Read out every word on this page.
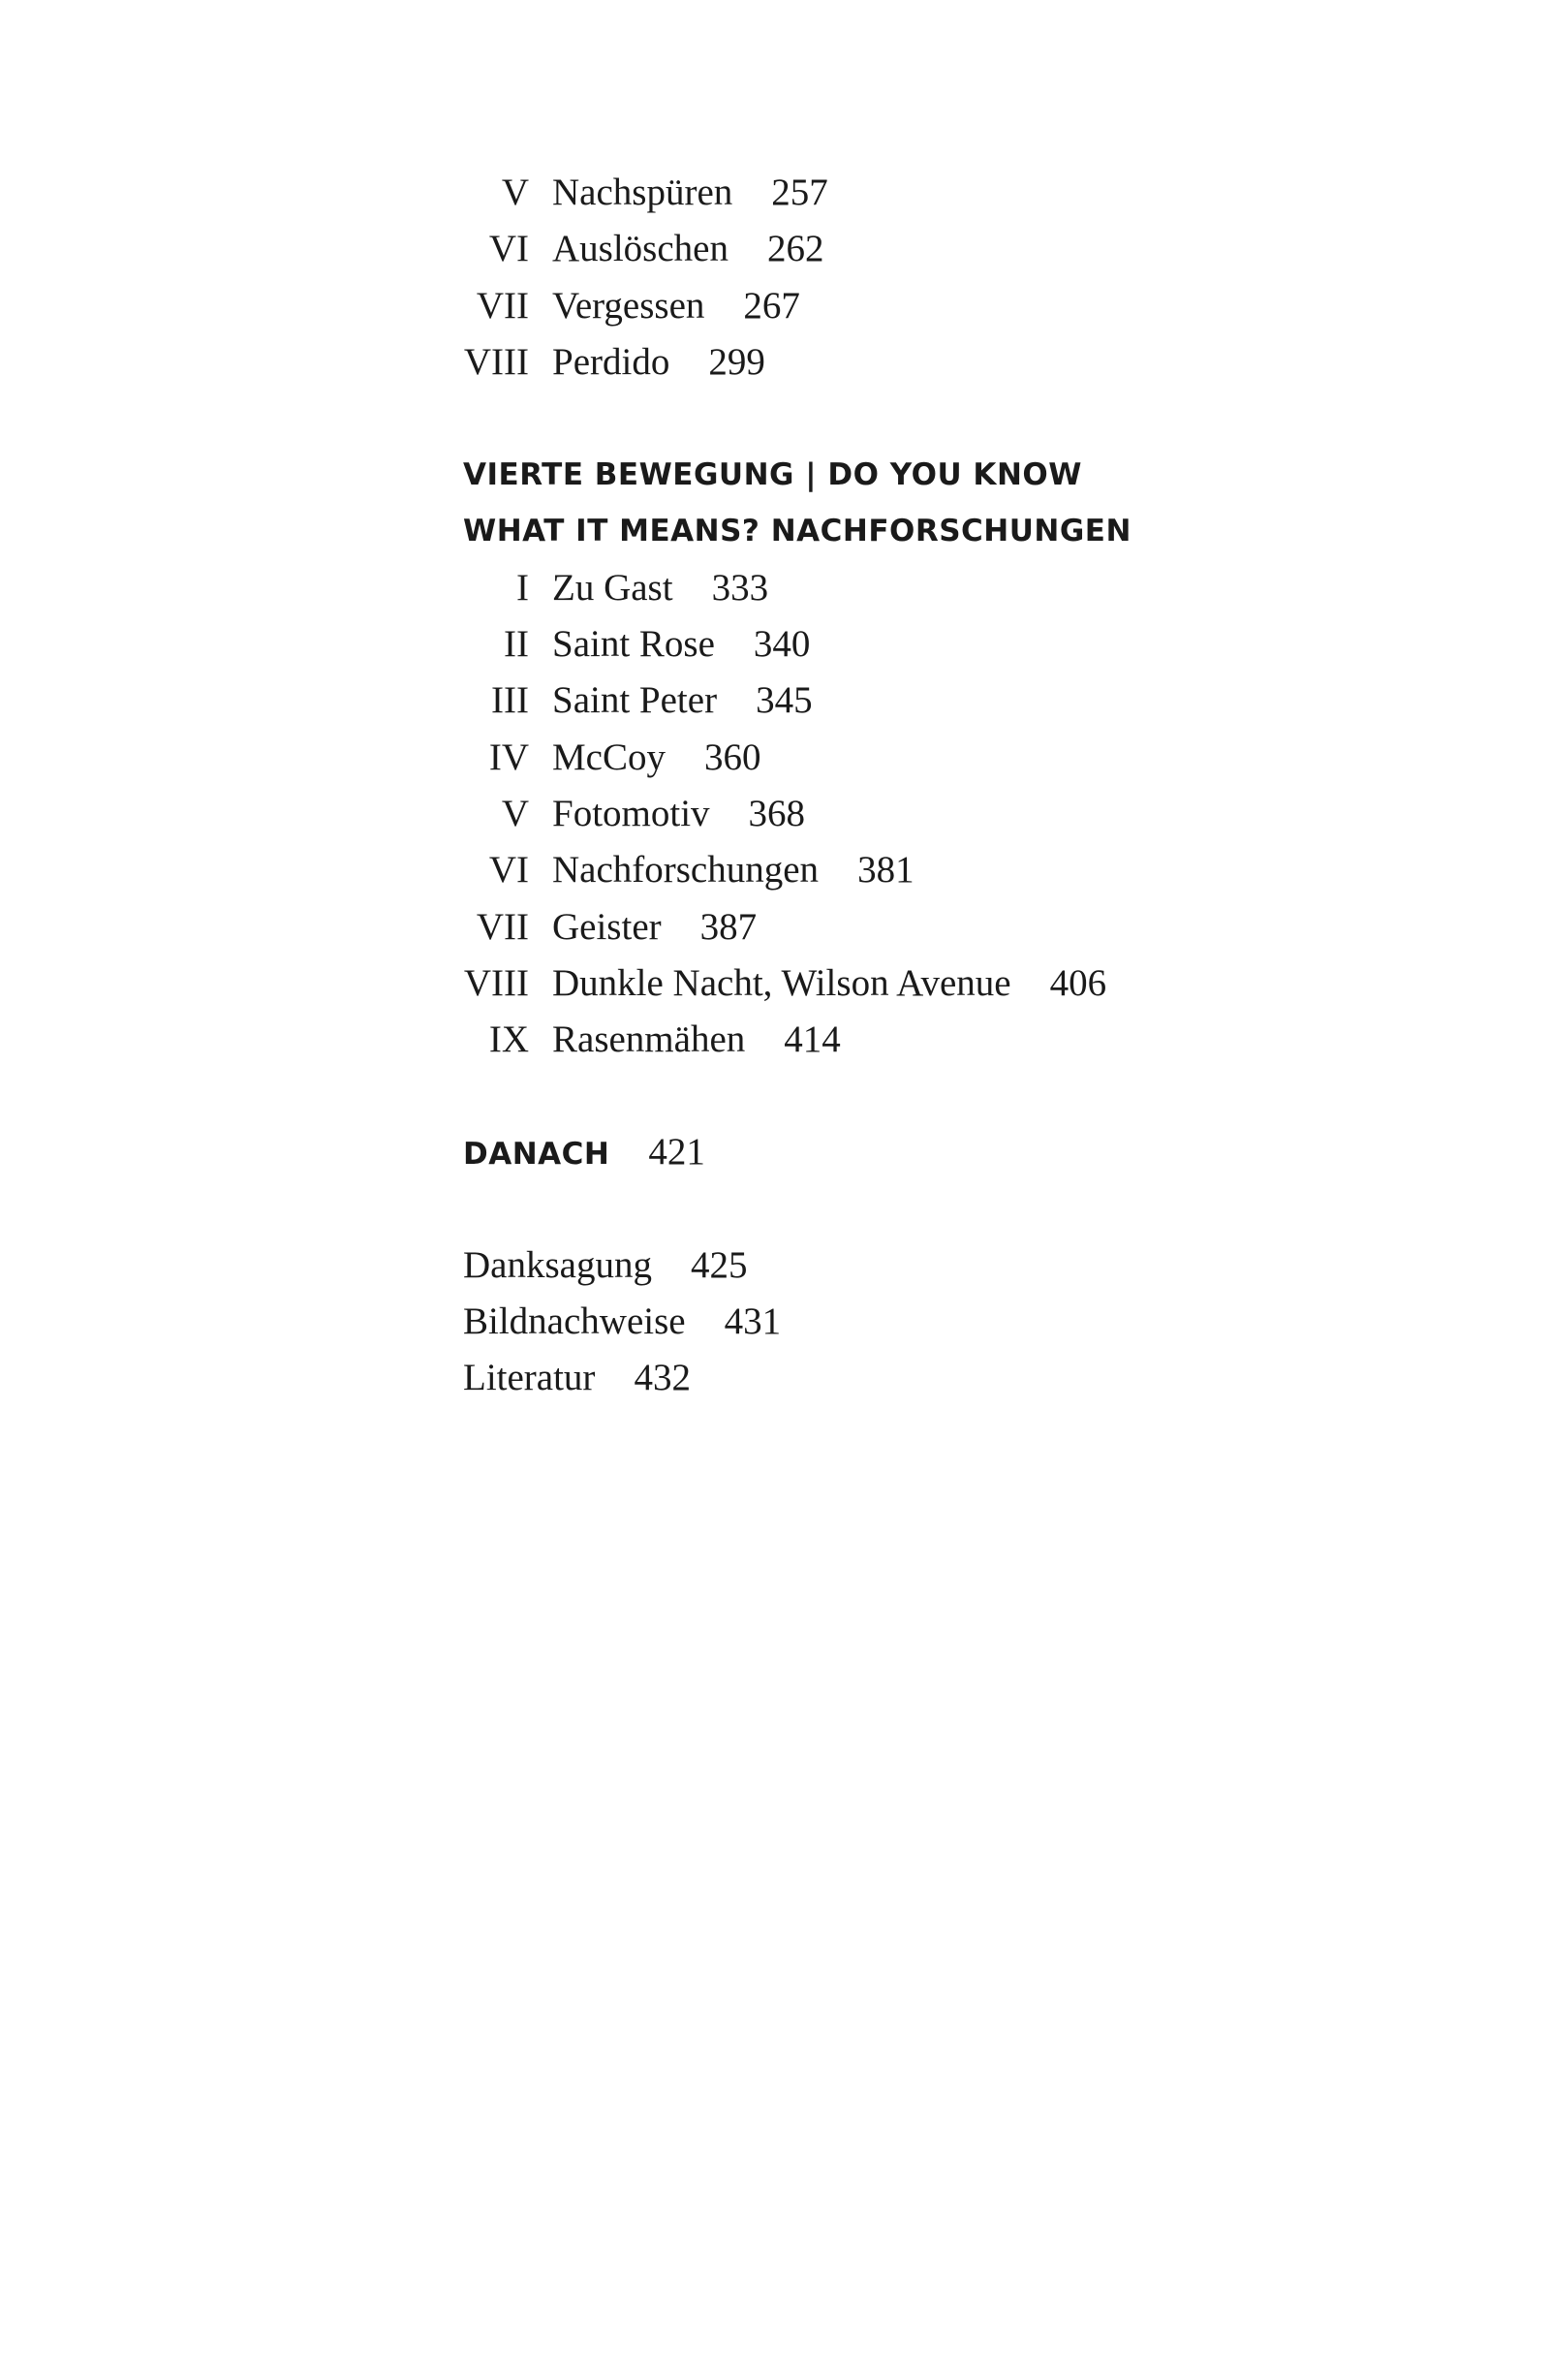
V Nachspüren 257
VI Auslöschen 262
VII Vergessen 267
VIII Perdido 299
VIERTE BEWEGUNG | DO YOU KNOW
WHAT IT MEANS? NACHFORSCHUNGEN
I Zu Gast 333
II Saint Rose 340
III Saint Peter 345
IV McCoy 360
V Fotomotiv 368
VI Nachforschungen 381
VII Geister 387
VIII Dunkle Nacht, Wilson Avenue 406
IX Rasenmähen 414
DANACH 421
Danksagung 425
Bildnachweise 431
Literatur 432
